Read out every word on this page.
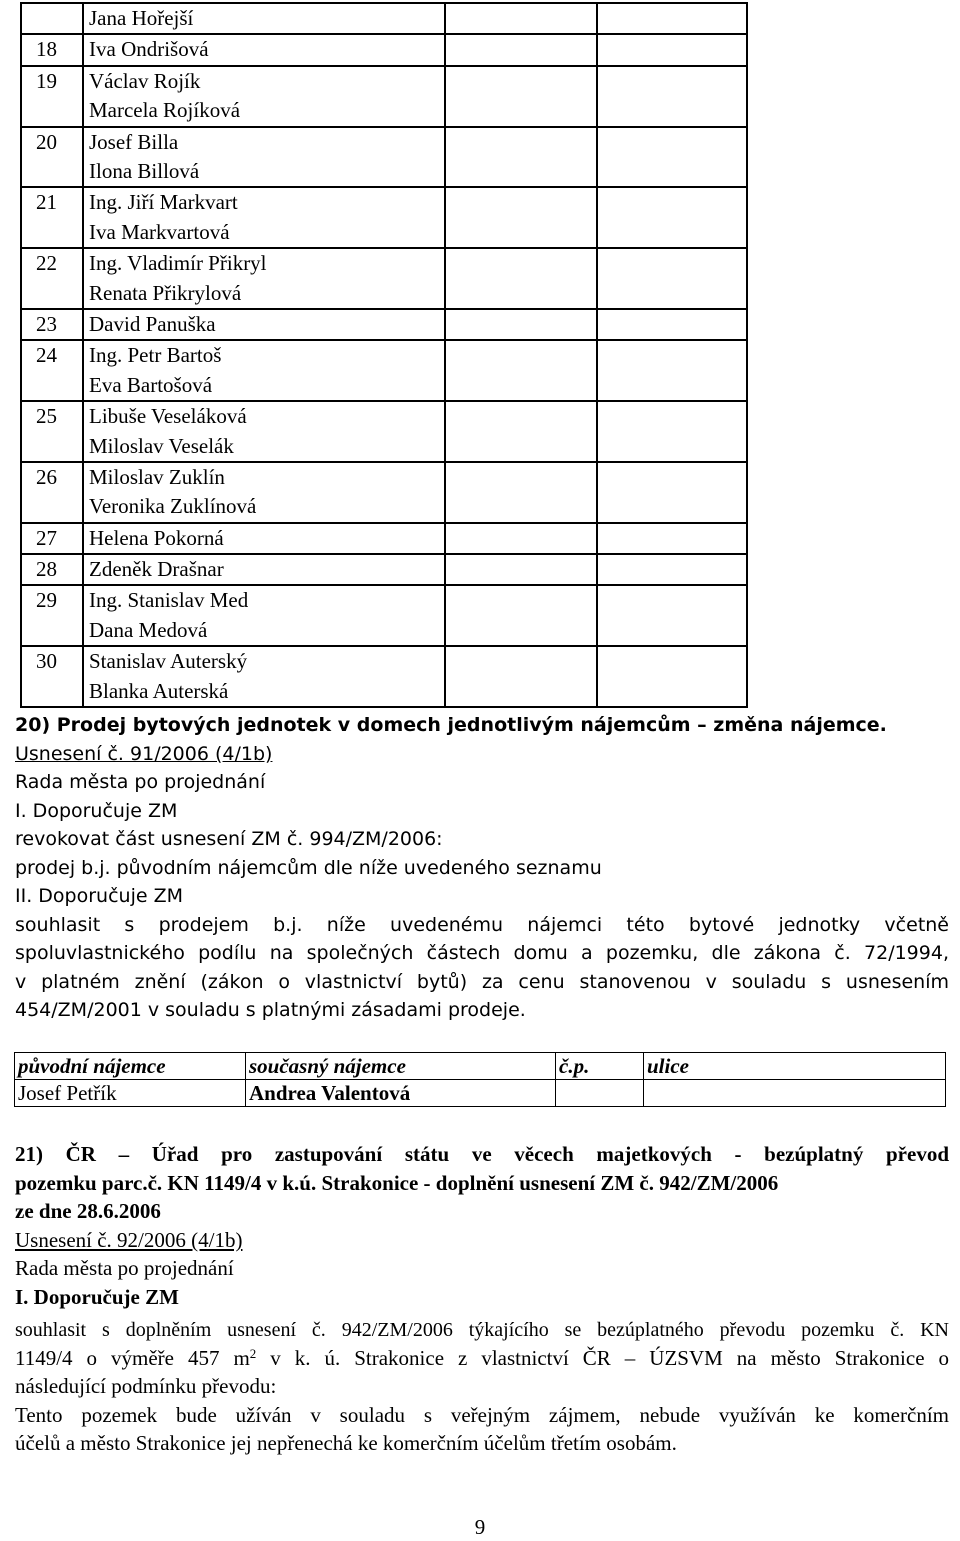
	Jana Hořejší		

18	Iva Ondrišová		

19	Václav Rojík
Marcela Rojíková		

20	Josef Billa
Ilona Billová		

21	Ing. Jiří Markvart
Iva Markvartová		

22	Ing. Vladimír Přikryl
Renata Přikrylová		

23	David Panuška		

24	Ing. Petr Bartoš
Eva Bartošová		

25	Libuše Veseláková
Miloslav Veselák		

26	Miloslav Zuklín
Veronika Zuklínová		

27	Helena Pokorná		

28	Zdeněk Drašnar		

29	Ing. Stanislav Med
Dana Medová		

30	Stanislav Auterský
Blanka Auterská		

20) Prodej bytových jednotek v domech jednotlivým nájemcům – změna nájemce.
Usnesení č. 91/2006 (4/1b)
Rada města po projednání
I. Doporučuje ZM
revokovat část usnesení ZM č. 994/ZM/2006:
prodej b.j. původním nájemcům dle níže uvedeného seznamu
II. Doporučuje ZM
souhlasit s prodejem b.j. níže uvedenému nájemci této bytové jednotky včetně
spoluvlastnického podílu na společných částech domu a pozemku, dle zákona č. 72/1994,
v platném znění (zákon o vlastnictví bytů) za cenu stanovenou v souladu s usnesením
454/ZM/2001 v souladu s platnými zásadami prodeje.
původní nájemce	současný nájemce	č.p.	ulice
Josef Petřík	Andrea Valentová		
21) ČR – Úřad pro zastupování státu ve věcech majetkových - bezúplatný převod
pozemku parc.č. KN 1149/4 v k.ú. Strakonice - doplnění usnesení ZM č. 942/ZM/2006
ze dne 28.6.2006
Usnesení č. 92/2006 (4/1b)
Rada města po projednání
I. Doporučuje ZM
souhlasit s doplněním usnesení č. 942/ZM/2006 týkajícího se bezúplatného převodu pozemku č. KN
1149/4 o výměře 457 $m^2$ v k. ú. Strakonice z vlastnictví ČR – ÚZSVM na město Strakonice o
následující podmínku převodu:
Tento pozemek bude užíván v souladu s veřejným zájmem, nebude využíván ke komerčním
účelů a město Strakonice jej nepřenechá ke komerčním účelům třetím osobám.
9
